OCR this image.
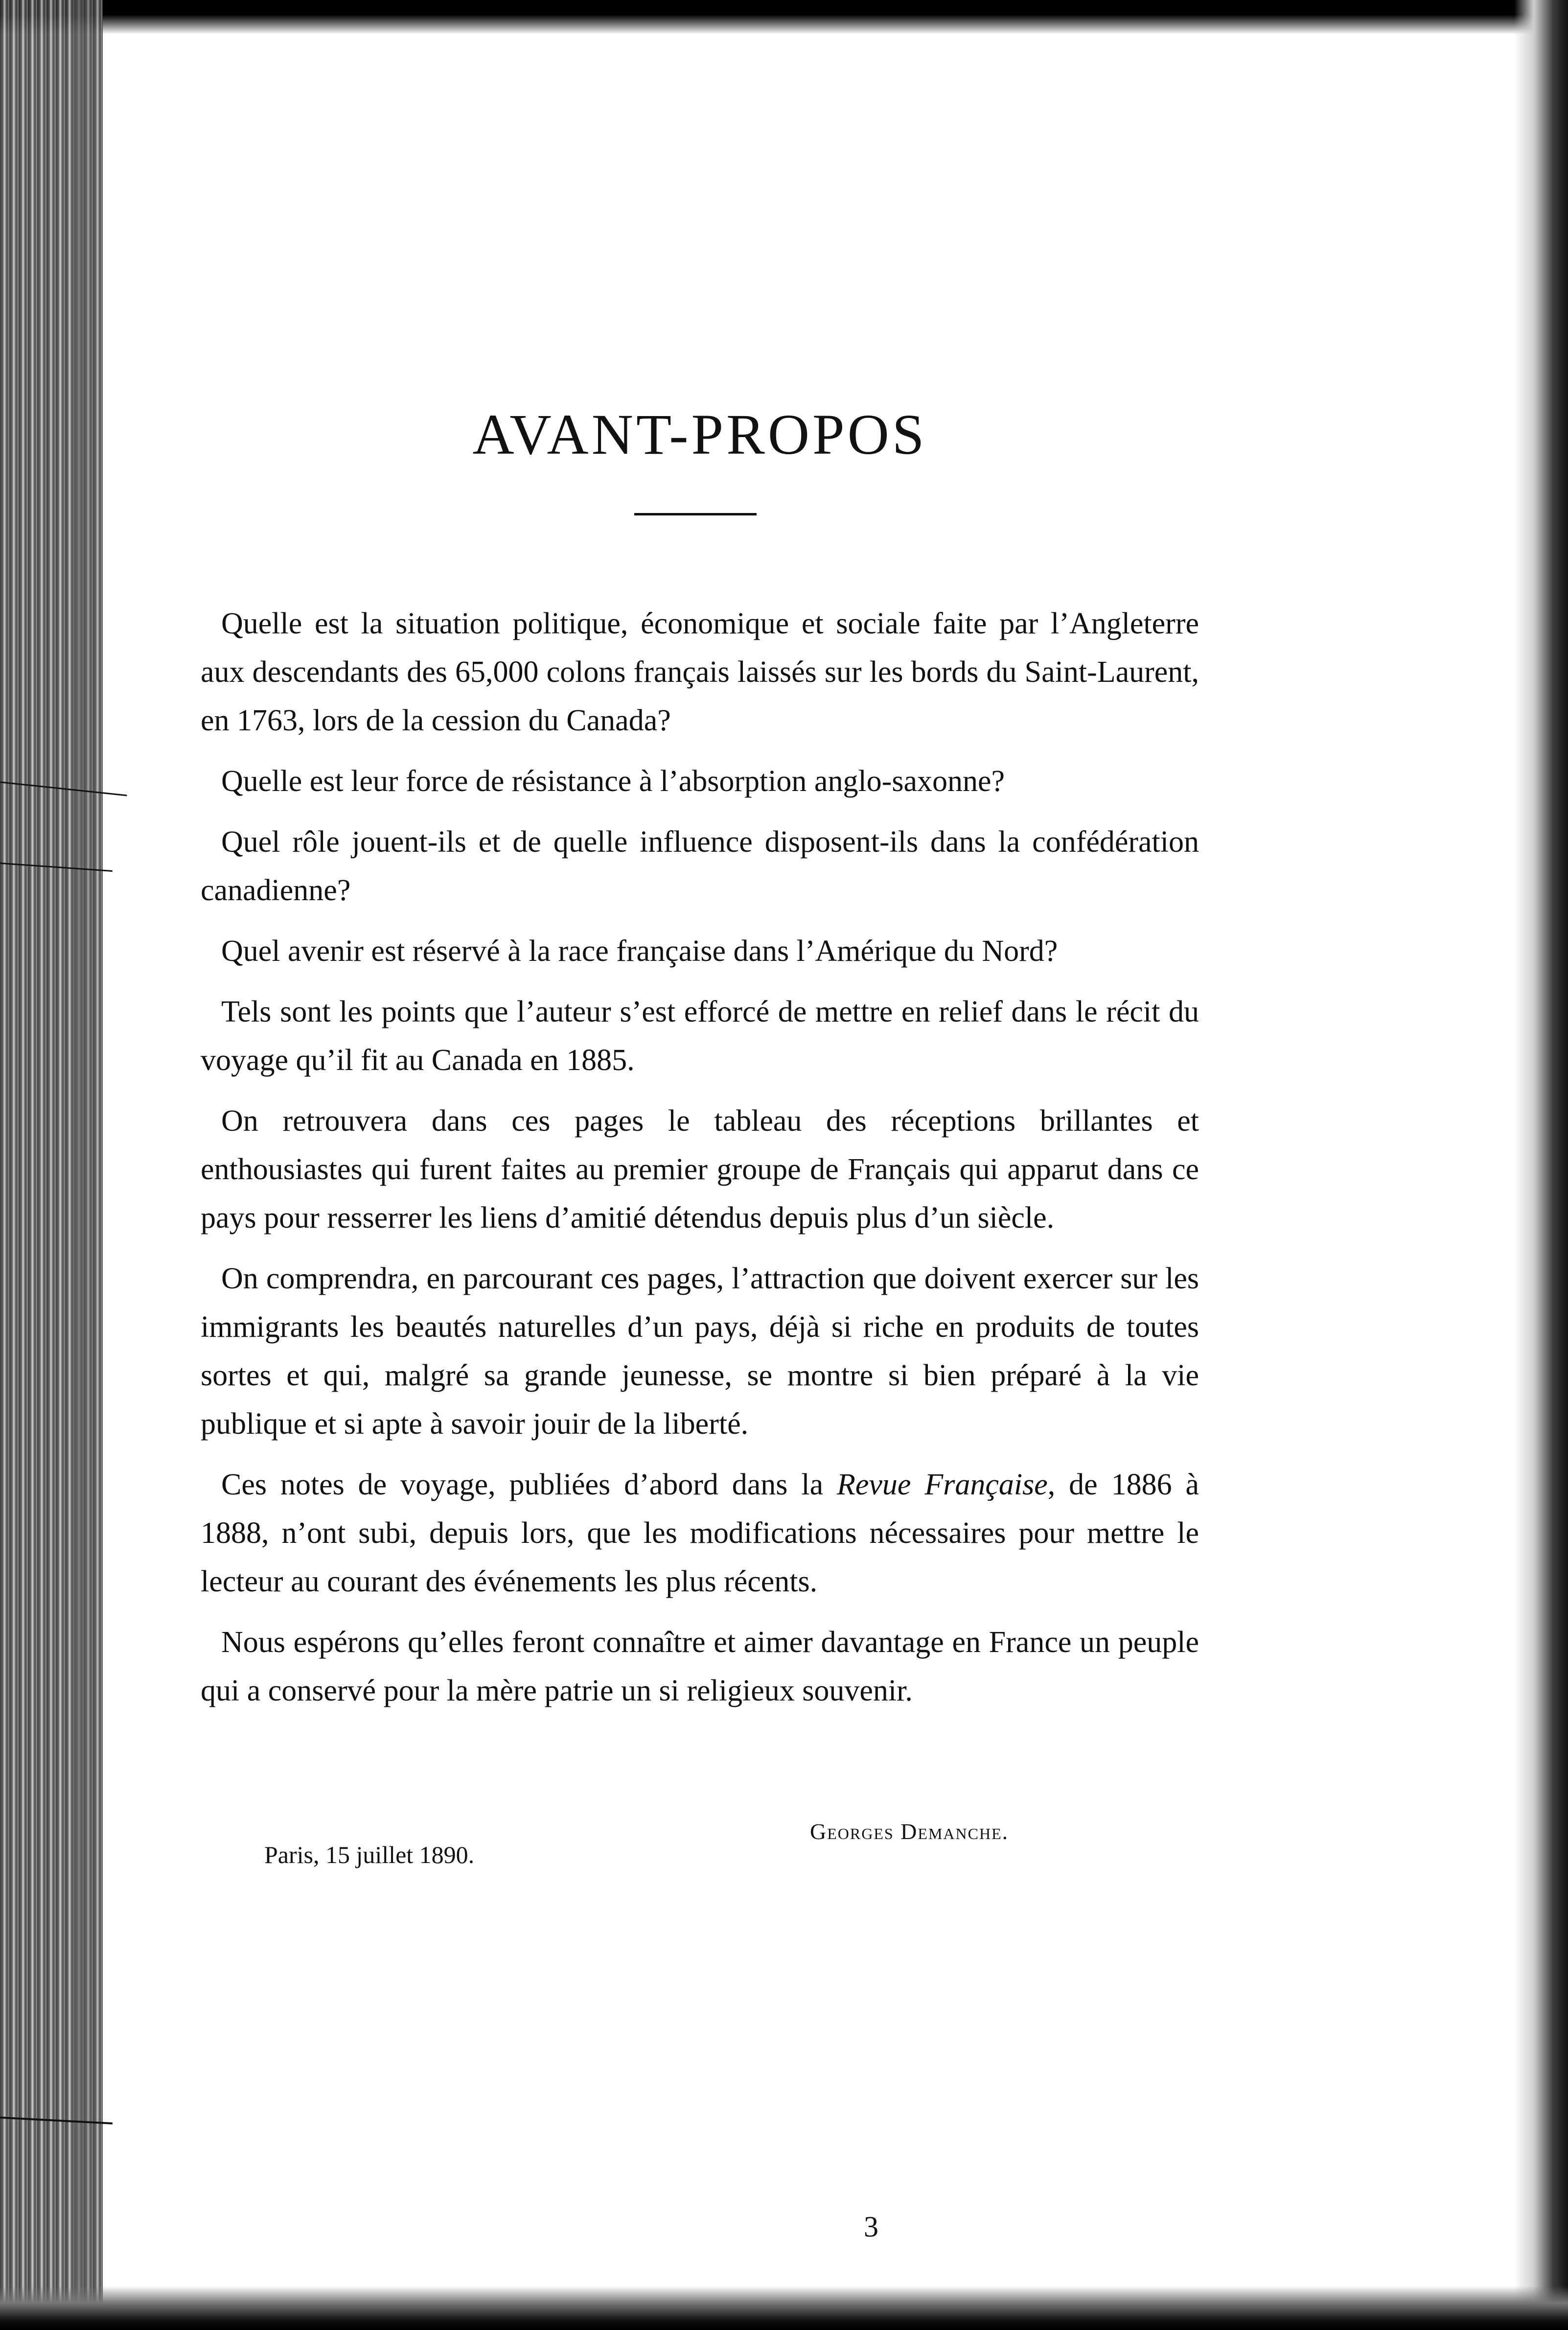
AVANT-PROPOS

Quelle est la situation politique, économique et sociale faite par l’Angleterre aux descendants des 65,000 colons français laissés sur les bords du Saint-Laurent, en 1763, lors de la cession du Canada?

Quelle est leur force de résistance à l’absorption anglo-saxonne?

Quel rôle jouent-ils et de quelle influence disposent-ils dans la confédération canadienne?

Quel avenir est réservé à la race française dans l’Amérique du Nord?

Tels sont les points que l’auteur s’est efforcé de mettre en relief dans le récit du voyage qu’il fit au Canada en 1885.

On retrouvera dans ces pages le tableau des réceptions brillantes et enthousiastes qui furent faites au premier groupe de Français qui apparut dans ce pays pour resserrer les liens d’amitié détendus depuis plus d’un siècle.

On comprendra, en parcourant ces pages, l’attraction que doivent exercer sur les immigrants les beautés naturelles d’un pays, déjà si riche en produits de toutes sortes et qui, malgré sa grande jeunesse, se montre si bien préparé à la vie publique et si apte à savoir jouir de la liberté.

Ces notes de voyage, publiées d’abord dans la Revue Française, de 1886 à 1888, n’ont subi, depuis lors, que les modifications nécessaires pour mettre le lecteur au courant des événements les plus récents.

Nous espérons qu’elles feront connaître et aimer davantage en France un peuple qui a conservé pour la mère patrie un si religieux souvenir.

Georges Demanche.
Paris, 15 juillet 1890.
3
